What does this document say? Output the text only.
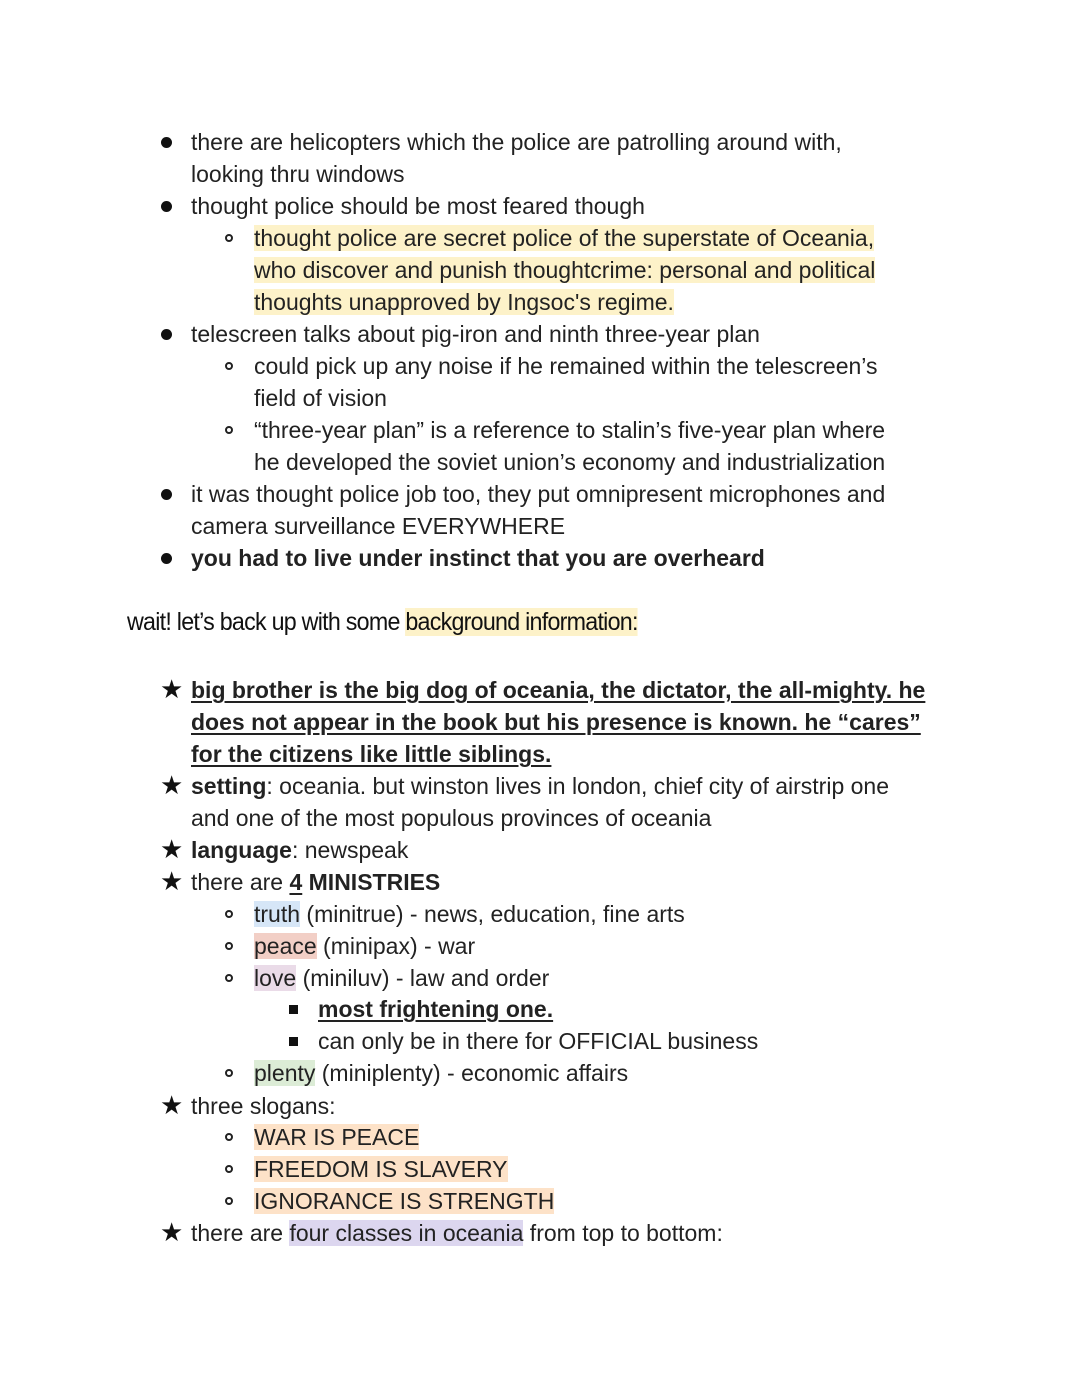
there are helicopters which the police are patrolling around with,
looking thru windows
thought police should be most feared though
thought police are secret police of the superstate of Oceania,
who discover and punish thoughtcrime: personal and political
thoughts unapproved by Ingsoc's regime.
telescreen talks about pig-iron and ninth three-year plan
could pick up any noise if he remained within the telescreen’s
field of vision
“three-year plan” is a reference to stalin’s five-year plan where
he developed the soviet union’s economy and industrialization
it was thought police job too, they put omnipresent microphones and
camera surveillance EVERYWHERE
you had to live under instinct that you are overheard
wait! let’s back up with some background information:
★ big brother is the big dog of oceania, the dictator, the all-mighty. he
does not appear in the book but his presence is known. he “cares”
for the citizens like little siblings.
★ setting: oceania. but winston lives in london, chief city of airstrip one
and one of the most populous provinces of oceania
★ language: newspeak
★ there are 4 MINISTRIES
truth (minitrue) - news, education, fine arts
peace (minipax) - war
love (miniluv) - law and order
most frightening one.
can only be in there for OFFICIAL business
plenty (miniplenty) - economic affairs
★ three slogans:
WAR IS PEACE
FREEDOM IS SLAVERY
IGNORANCE IS STRENGTH
★ there are four classes in oceania from top to bottom:
